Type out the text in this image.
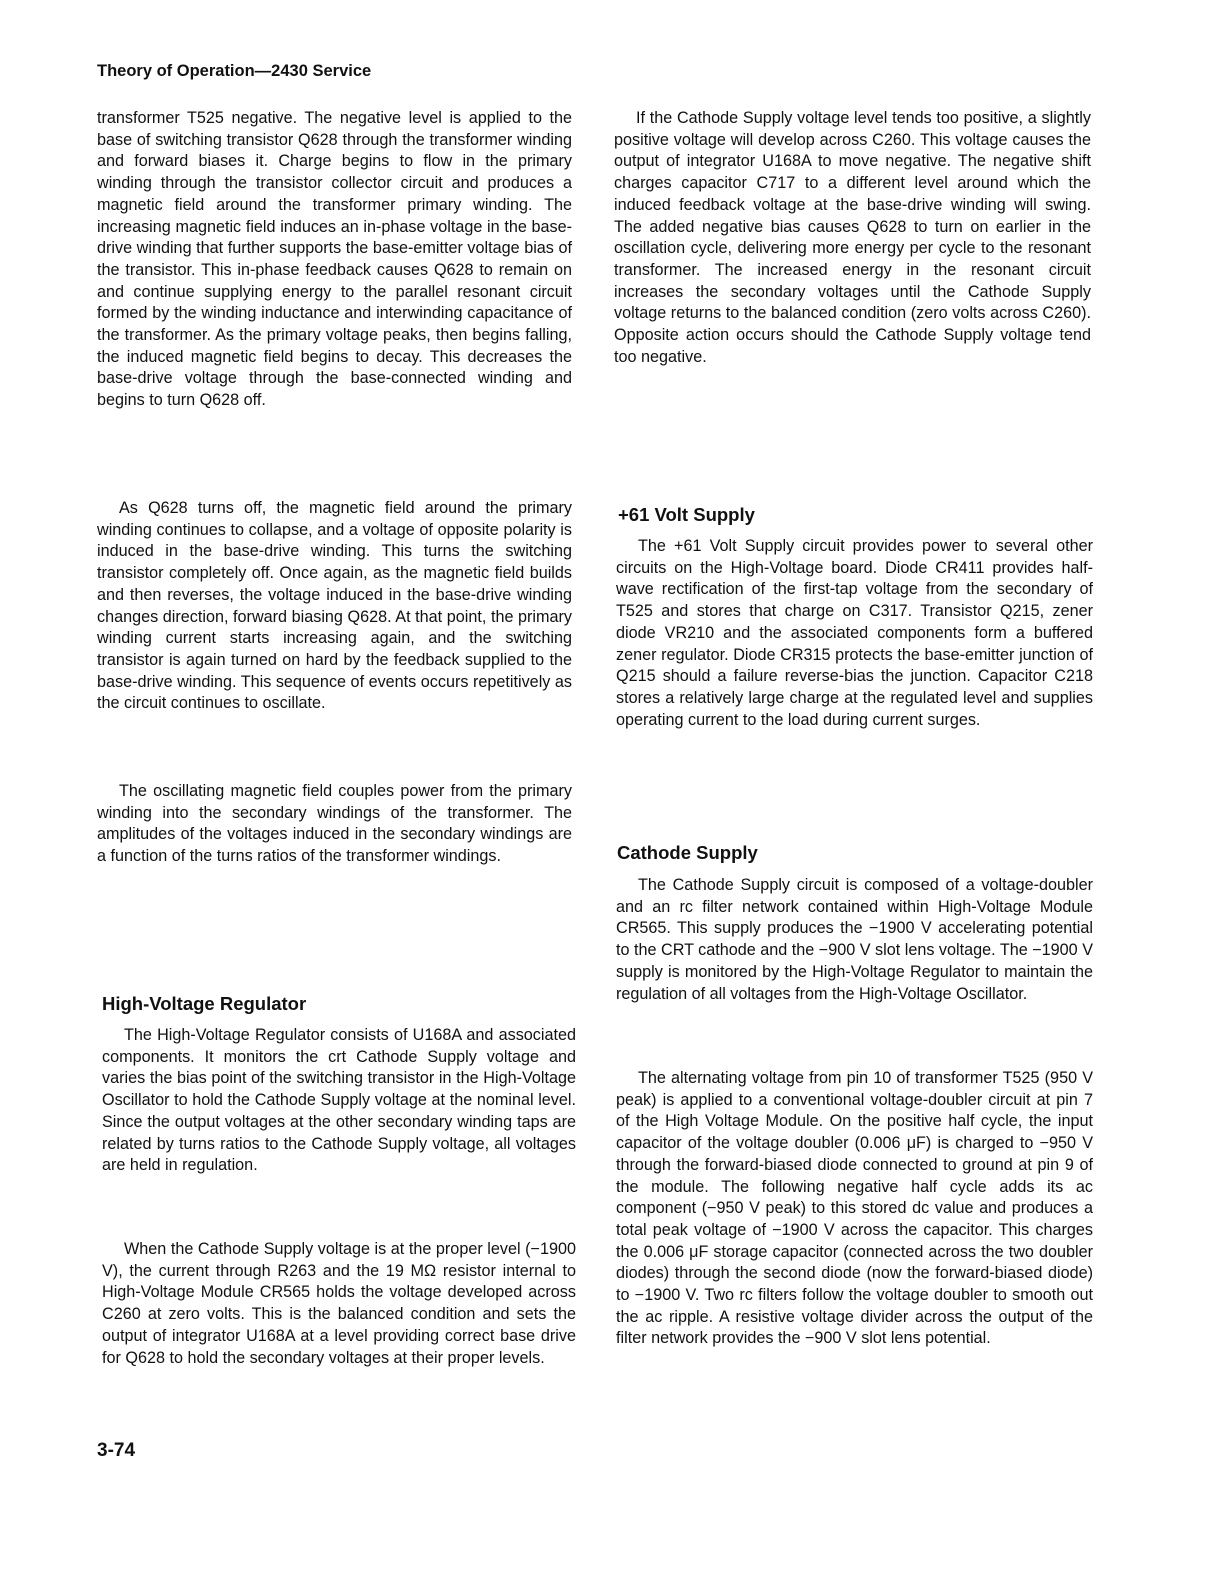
Theory of Operation—2430 Service

transformer T525 negative. The negative level is applied to the base of switching transistor Q628 through the transformer winding and forward biases it. Charge begins to flow in the primary winding through the transistor collector circuit and produces a magnetic field around the transformer primary winding. The increasing magnetic field induces an in-phase voltage in the base-drive winding that further supports the base-emitter voltage bias of the transistor. This in-phase feedback causes Q628 to remain on and continue supplying energy to the parallel resonant circuit formed by the winding inductance and interwinding capacitance of the transformer. As the primary voltage peaks, then begins falling, the induced magnetic field begins to decay. This decreases the base-drive voltage through the base-connected winding and begins to turn Q628 off.

As Q628 turns off, the magnetic field around the primary winding continues to collapse, and a voltage of opposite polarity is induced in the base-drive winding. This turns the switching transistor completely off. Once again, as the magnetic field builds and then reverses, the voltage induced in the base-drive winding changes direction, forward biasing Q628. At that point, the primary winding current starts increasing again, and the switching transistor is again turned on hard by the feedback supplied to the base-drive winding. This sequence of events occurs repetitively as the circuit continues to oscillate.

The oscillating magnetic field couples power from the primary winding into the secondary windings of the transformer. The amplitudes of the voltages induced in the secondary windings are a function of the turns ratios of the transformer windings.

High-Voltage Regulator

The High-Voltage Regulator consists of U168A and associated components. It monitors the crt Cathode Supply voltage and varies the bias point of the switching transistor in the High-Voltage Oscillator to hold the Cathode Supply voltage at the nominal level. Since the output voltages at the other secondary winding taps are related by turns ratios to the Cathode Supply voltage, all voltages are held in regulation.

When the Cathode Supply voltage is at the proper level (−1900 V), the current through R263 and the 19 MΩ resistor internal to High-Voltage Module CR565 holds the voltage developed across C260 at zero volts. This is the balanced condition and sets the output of integrator U168A at a level providing correct base drive for Q628 to hold the secondary voltages at their proper levels.

If the Cathode Supply voltage level tends too positive, a slightly positive voltage will develop across C260. This voltage causes the output of integrator U168A to move negative. The negative shift charges capacitor C717 to a different level around which the induced feedback voltage at the base-drive winding will swing. The added negative bias causes Q628 to turn on earlier in the oscillation cycle, delivering more energy per cycle to the resonant transformer. The increased energy in the resonant circuit increases the secondary voltages until the Cathode Supply voltage returns to the balanced condition (zero volts across C260). Opposite action occurs should the Cathode Supply voltage tend too negative.

+61 Volt Supply

The +61 Volt Supply circuit provides power to several other circuits on the High-Voltage board. Diode CR411 provides half-wave rectification of the first-tap voltage from the secondary of T525 and stores that charge on C317. Transistor Q215, zener diode VR210 and the associated components form a buffered zener regulator. Diode CR315 protects the base-emitter junction of Q215 should a failure reverse-bias the junction. Capacitor C218 stores a relatively large charge at the regulated level and supplies operating current to the load during current surges.

Cathode Supply

The Cathode Supply circuit is composed of a voltage-doubler and an rc filter network contained within High-Voltage Module CR565. This supply produces the −1900 V accelerating potential to the CRT cathode and the −900 V slot lens voltage. The −1900 V supply is monitored by the High-Voltage Regulator to maintain the regulation of all voltages from the High-Voltage Oscillator.

The alternating voltage from pin 10 of transformer T525 (950 V peak) is applied to a conventional voltage-doubler circuit at pin 7 of the High Voltage Module. On the positive half cycle, the input capacitor of the voltage doubler (0.006 μF) is charged to −950 V through the forward-biased diode connected to ground at pin 9 of the module. The following negative half cycle adds its ac component (−950 V peak) to this stored dc value and produces a total peak voltage of −1900 V across the capacitor. This charges the 0.006 μF storage capacitor (connected across the two doubler diodes) through the second diode (now the forward-biased diode) to −1900 V. Two rc filters follow the voltage doubler to smooth out the ac ripple. A resistive voltage divider across the output of the filter network provides the −900 V slot lens potential.

3-74
